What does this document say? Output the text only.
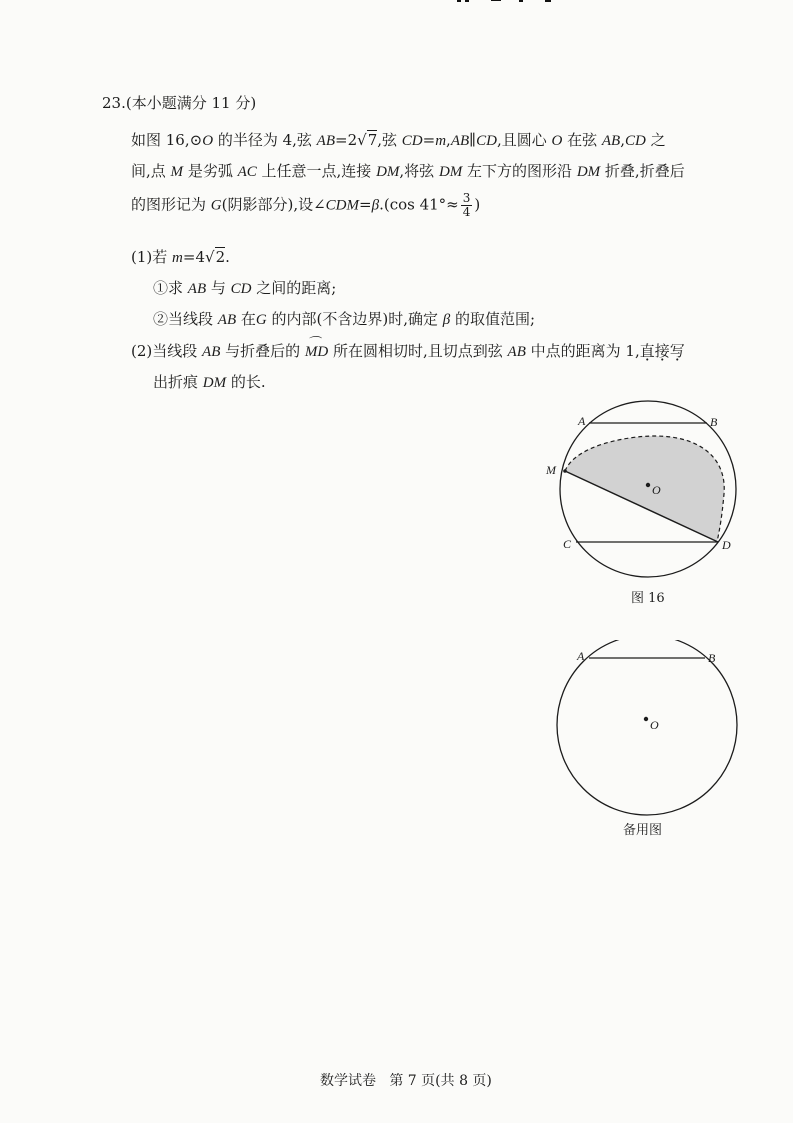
23.(本小题满分 11 分)
如图 16,⊙O 的半径为 4,弦 AB=2√7,弦 CD=m,AB∥CD,且圆心 O 在弦 AB,CD 之
间,点 M 是劣弧 AC 上任意一点,连接 DM,将弦 DM 左下方的图形沿 DM 折叠,折叠后
的图形记为 G(阴影部分),设∠CDM=β.(cos $41^\circ\approx \frac{3}{4}$ )
(1)若 m=4√2.
①求 AB 与 CD 之间的距离;
②当线段 AB 在G 的内部(不含边界)时,确定 β 的取值范围;
(2)当线段 AB 与折叠后的 ⌒ MD 所在圆相切时,且切点到弦 AB 中点的距离为 1,直接写
出折痕 DM 的长.
A	B
M
O
C	D
图 16
A	B
O
备用图
数学试卷 第 7 页(共 8 页)
